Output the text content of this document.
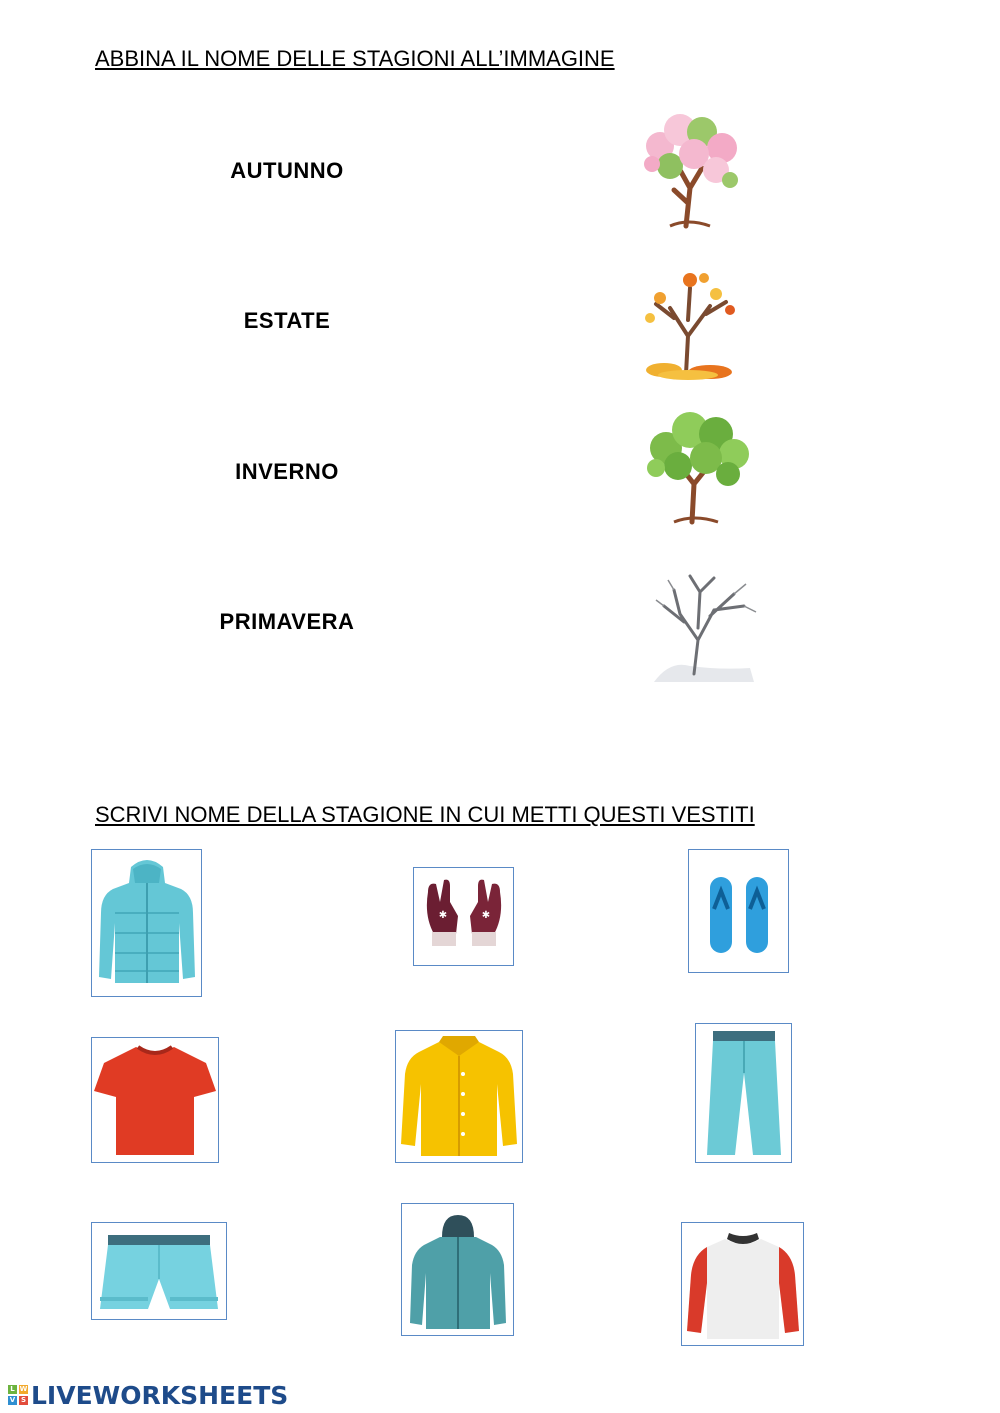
ABBINA IL NOME DELLE STAGIONI ALL’IMMAGINE
AUTUNNO
ESTATE
INVERNO
PRIMAVERA
SCRIVI NOME DELLA STAGIONE IN CUI METTI QUESTI VESTITI
✱	✱
L W
V S LIVEWORKSHEETS
